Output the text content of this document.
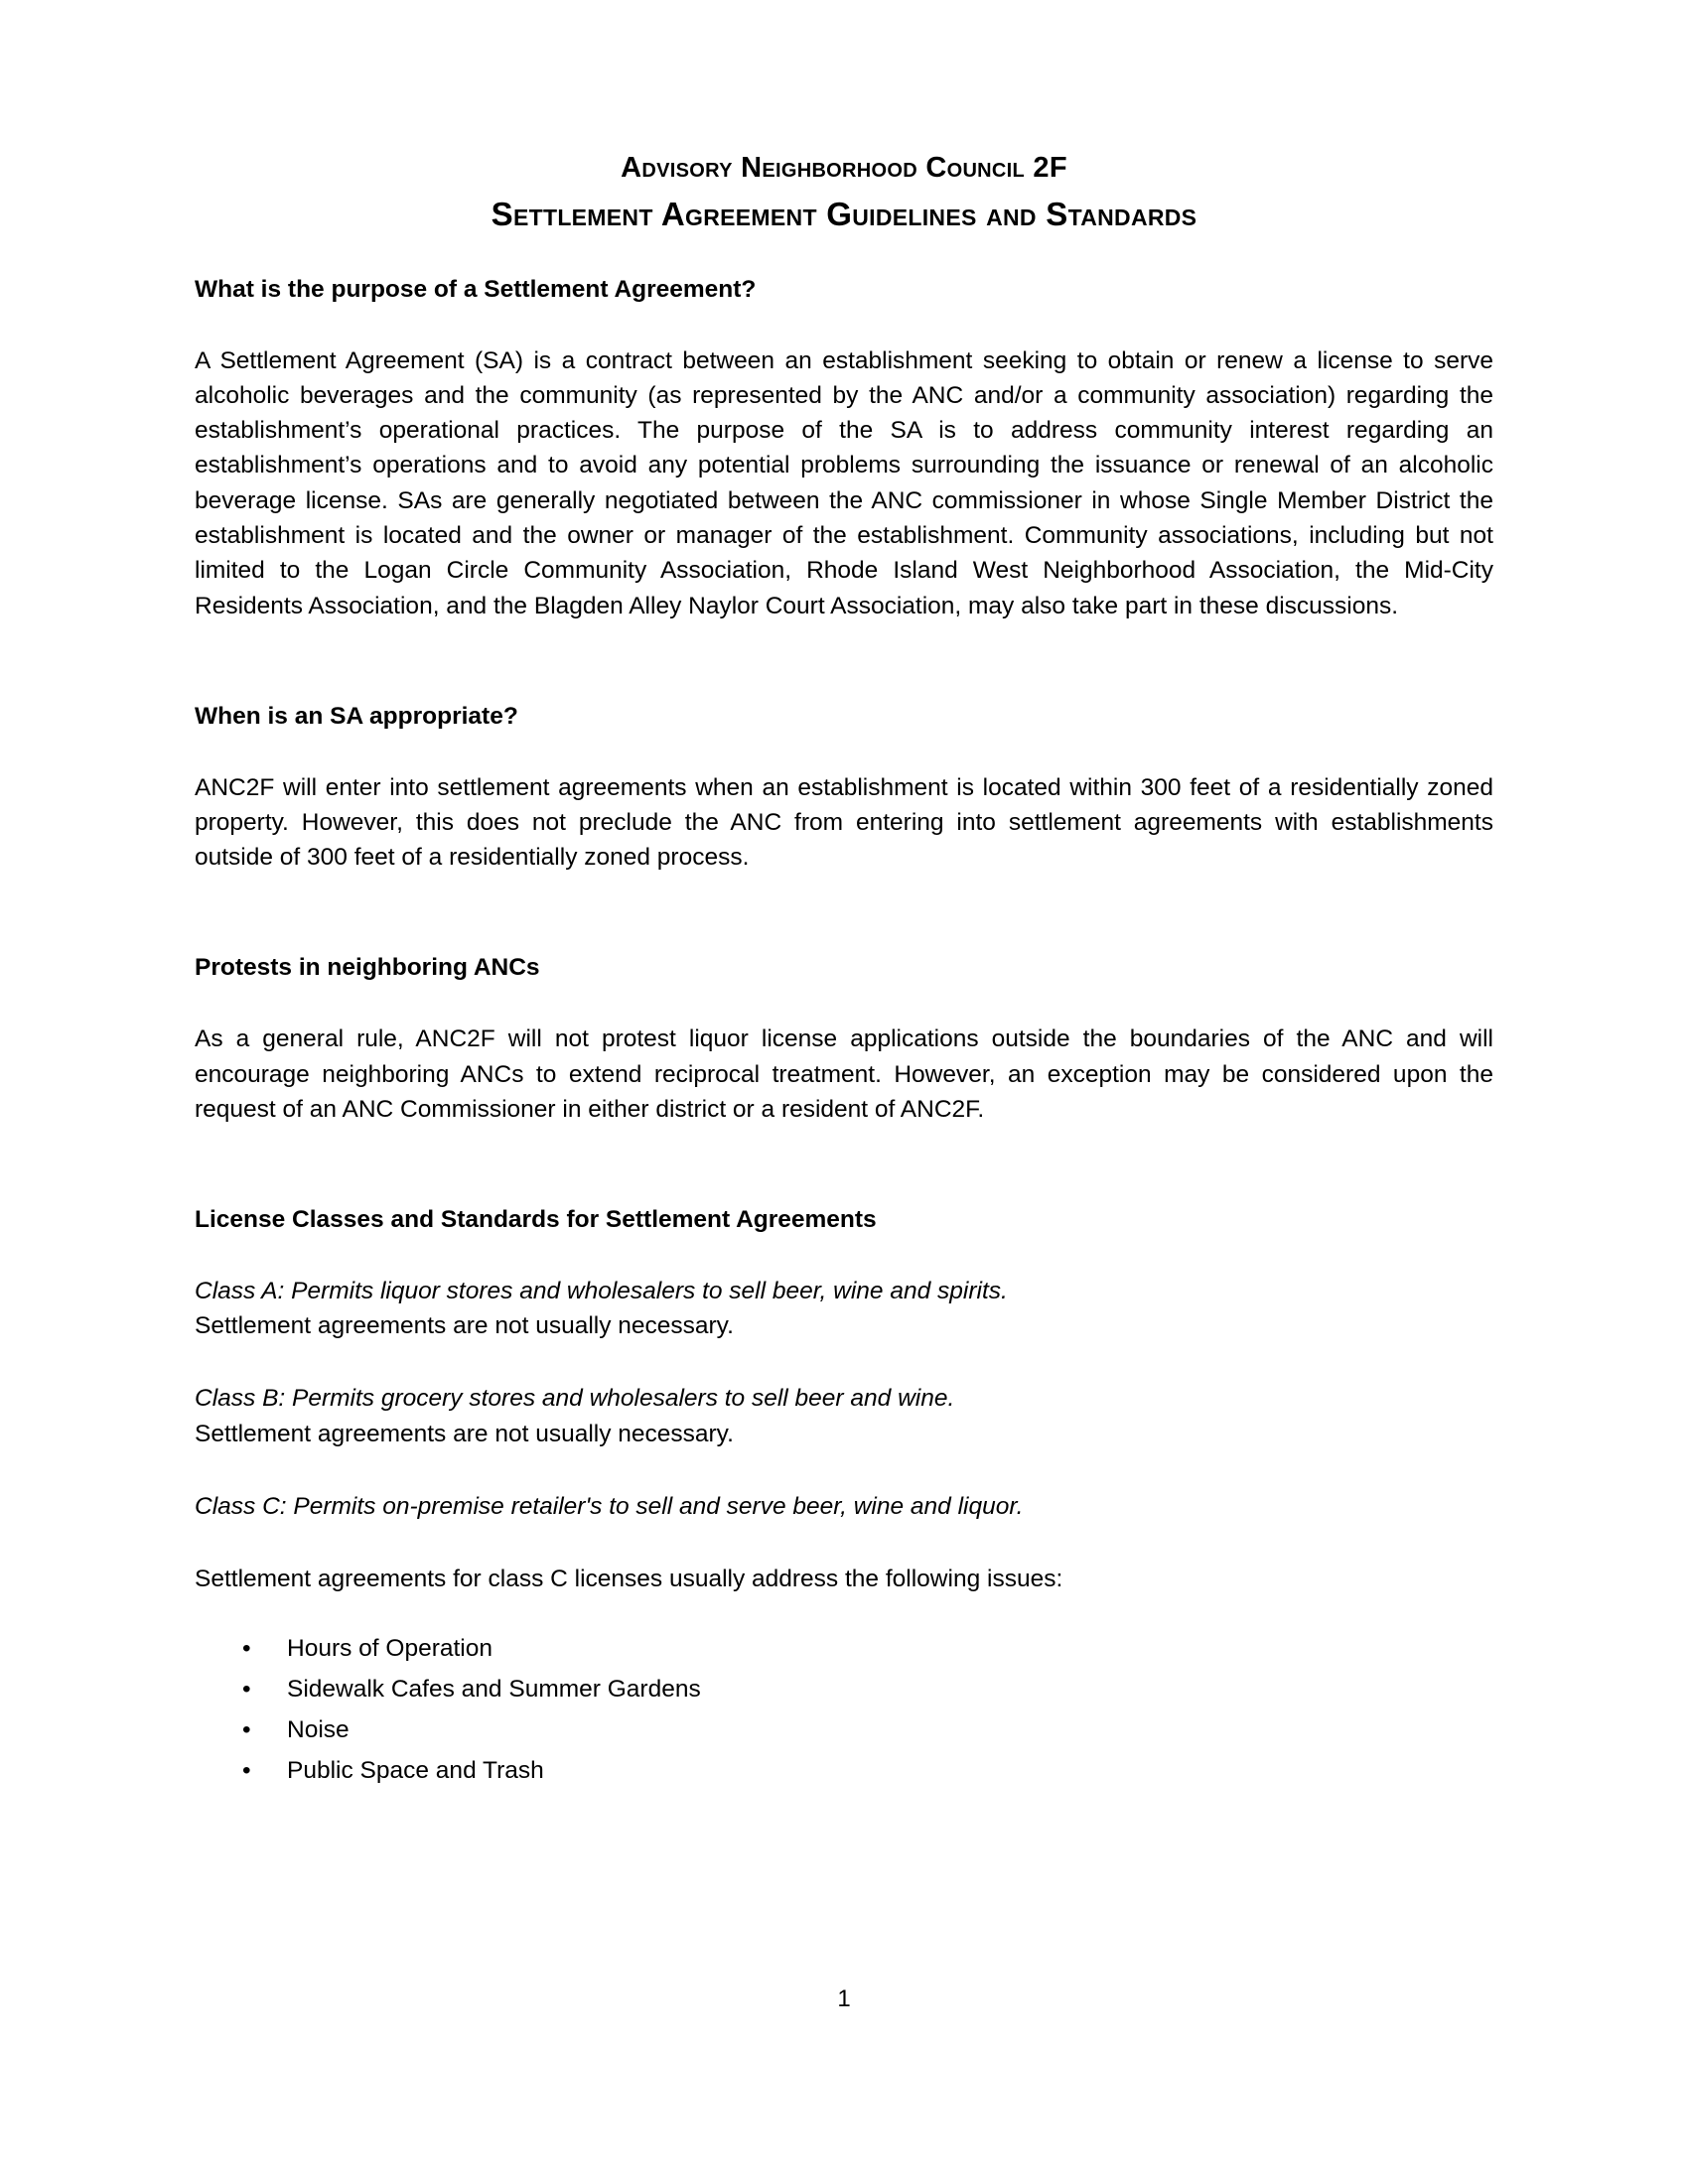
Advisory Neighborhood Council 2F
Settlement Agreement Guidelines and Standards
What is the purpose of a Settlement Agreement?

A Settlement Agreement (SA) is a contract between an establishment seeking to obtain or renew a license to serve alcoholic beverages and the community (as represented by the ANC and/or a community association) regarding the establishment’s operational practices. The purpose of the SA is to address community interest regarding an establishment’s operations and to avoid any potential problems surrounding the issuance or renewal of an alcoholic beverage license. SAs are generally negotiated between the ANC commissioner in whose Single Member District the establishment is located and the owner or manager of the establishment. Community associations, including but not limited to the Logan Circle Community Association, Rhode Island West Neighborhood Association, the Mid-City Residents Association, and the Blagden Alley Naylor Court Association, may also take part in these discussions.

When is an SA appropriate?

ANC2F will enter into settlement agreements when an establishment is located within 300 feet of a residentially zoned property. However, this does not preclude the ANC from entering into settlement agreements with establishments outside of 300 feet of a residentially zoned process.

Protests in neighboring ANCs

As a general rule, ANC2F will not protest liquor license applications outside the boundaries of the ANC and will encourage neighboring ANCs to extend reciprocal treatment. However, an exception may be considered upon the request of an ANC Commissioner in either district or a resident of ANC2F.

License Classes and Standards for Settlement Agreements
Class A: Permits liquor stores and wholesalers to sell beer, wine and spirits.

Settlement agreements are not usually necessary.

Class B: Permits grocery stores and wholesalers to sell beer and wine.

Settlement agreements are not usually necessary.

Class C: Permits on-premise retailer's to sell and serve beer, wine and liquor.

Settlement agreements for class C licenses usually address the following issues:

• Hours of Operation
• Sidewalk Cafes and Summer Gardens
• Noise
• Public Space and Trash
1
